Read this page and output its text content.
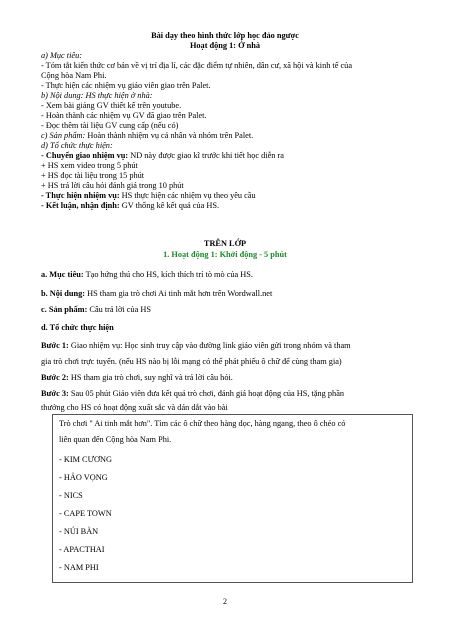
Bài dạy theo hình thức lớp học đảo ngược
Hoạt động 1: Ở nhà
a) Mục tiêu:
- Tóm tắt kiến thức cơ bản về vị trí địa lí, các đặc điểm tự nhiên, dân cư, xã hội và kinh tế của
Cộng hòa Nam Phi.
- Thực hiện các nhiệm vụ giáo viên giao trên Palet.
b) Nội dung: HS thực hiện ở nhà:
- Xem bài giảng GV thiết kế trên youtube.
- Hoàn thành các nhiệm vụ GV đã giao trên Palet.
- Đọc thêm tài liệu GV cung cấp (nếu có)
c) Sản phẩm: Hoàn thành nhiệm vụ cá nhân và nhóm trên Palet.
d) Tổ chức thực hiện:
- Chuyển giao nhiệm vụ: ND này được giao kĩ trước khi tiết học diễn ra
+ HS xem video trong 5 phút
+ HS đọc tài liệu trong 15 phút
+ HS trả lời câu hỏi đánh giá trong 10 phút
- Thực hiện nhiệm vụ: HS thực hiện các nhiệm vụ theo yêu cầu
- Kết luận, nhận định: GV thống kê kết quả của HS.
TRÊN LỚP
1. Hoạt động 1: Khởi động - 5 phút
a. Mục tiêu: Tạo hứng thú cho HS, kích thích trí tò mò của HS.
b. Nội dung: HS tham gia trò chơi Ai tinh mắt hơn trên Wordwall.net
c. Sản phẩm: Câu trả lời của HS
d. Tổ chức thực hiện
Bước 1: Giao nhiệm vụ: Học sinh truy cập vào đường link giáo viên gửi trong nhóm và tham
gia trò chơi trực tuyến. (nếu HS nào bị lỗi mạng có thể phát phiếu ô chữ để cùng tham gia)
Bước 2: HS tham gia trò chơi, suy nghĩ và trả lời câu hỏi.
Bước 3: Sau 05 phút Giáo viên đưa kết quả trò chơi, đánh giá hoạt động của HS, tặng phần
thưởng cho HS có hoạt động xuất sắc và dán dắt vào bài
Trò chơi " Ai tinh mắt hơn". Tìm các ô chữ theo hàng dọc, hàng ngang, theo ô chéo có
liên quan đến Cộng hòa Nam Phi.
- KIM CƯƠNG
- HẢO VỌNG
- NICS
- CAPE TOWN
- NÚI BÀN
- APACTHAI
- NAM PHI
2
